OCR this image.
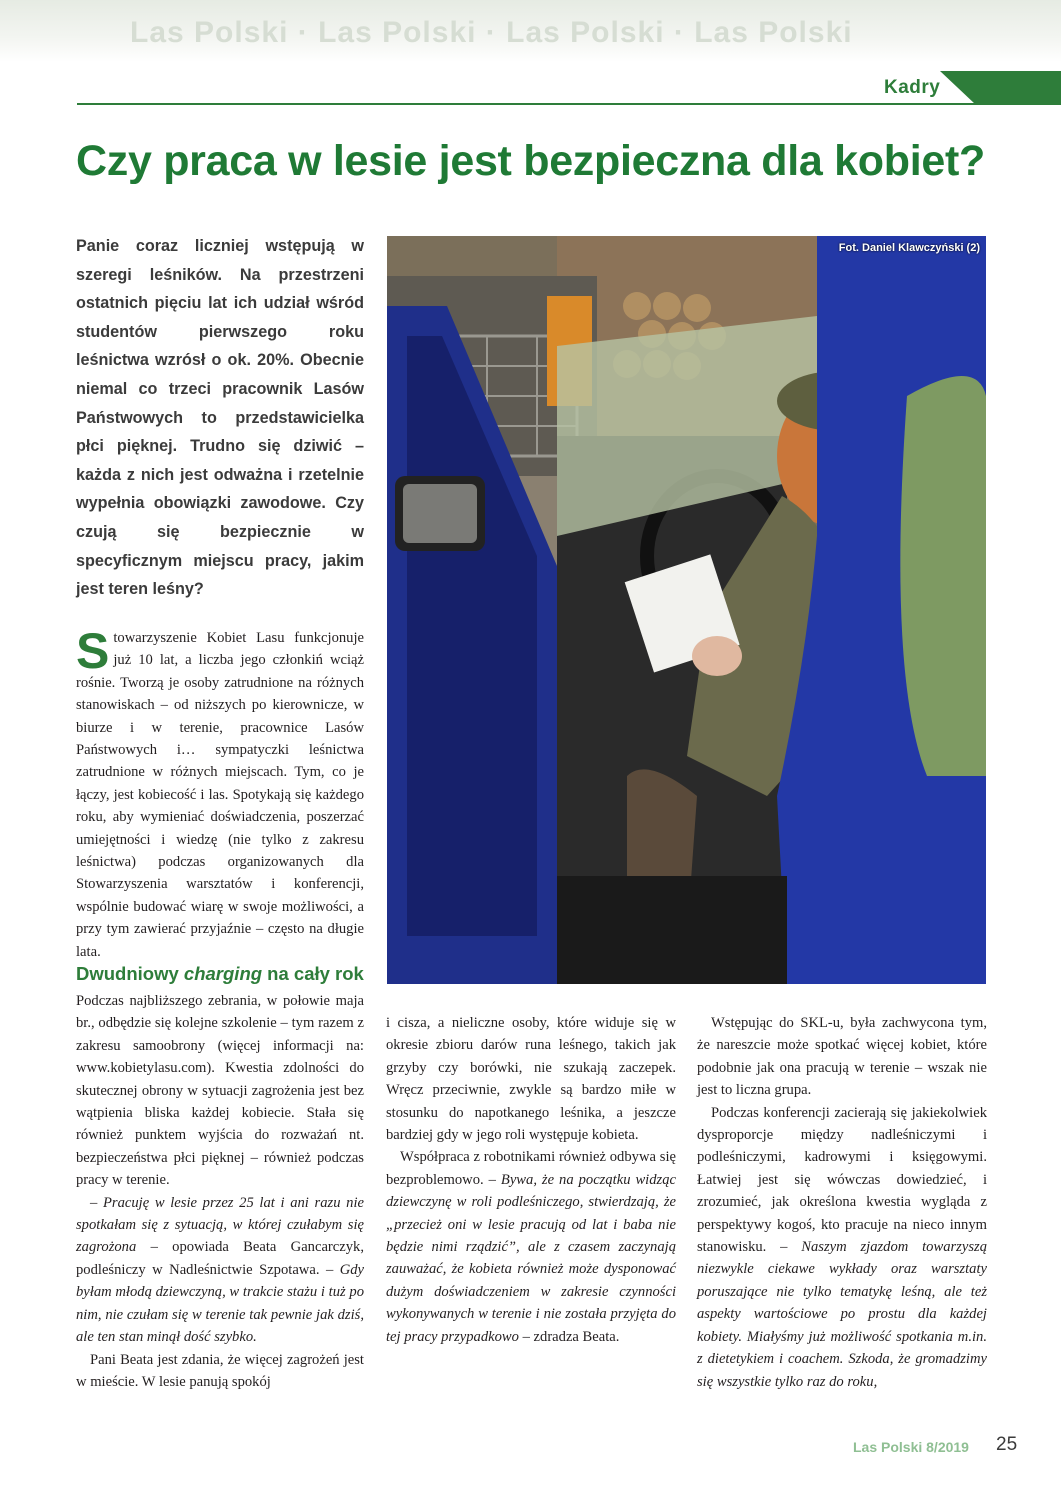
Las Polski · Las Polski · Las Polski · Las Polski
Kadry
Czy praca w lesie jest bezpieczna dla kobiet?

Panie coraz liczniej wstępują w szeregi leśników. Na przestrzeni ostatnich pięciu lat ich udział wśród studentów pierwszego roku leśnictwa wzrósł o ok. 20%. Obecnie niemal co trzeci pracownik Lasów Państwowych to przedstawicielka płci pięknej. Trudno się dziwić – każda z nich jest odważna i rzetelnie wypełnia obowiązki zawodowe. Czy czują się bezpiecznie w specyficznym miejscu pracy, jakim jest teren leśny?

Fot. Daniel Klawczyński (2)
Stowarzyszenie Kobiet Lasu funkcjonuje już 10 lat, a liczba jego członkiń wciąż rośnie. Tworzą je osoby zatrudnione na różnych stanowiskach – od niższych po kierownicze, w biurze i w terenie, pracownice Lasów Państwowych i… sympatyczki leśnictwa zatrudnione w różnych miejscach. Tym, co je łączy, jest kobiecość i las. Spotykają się każdego roku, aby wymieniać doświadczenia, poszerzać umiejętności i wiedzę (nie tylko z zakresu leśnictwa) podczas organizowanych dla Stowarzyszenia warsztatów i konferencji, wspólnie budować wiarę w swoje możliwości, a przy tym zawierać przyjaźnie – często na długie lata.
Dwudniowy charging na cały rok

Podczas najbliższego zebrania, w połowie maja br., odbędzie się kolejne szkolenie – tym razem z zakresu samoobrony (więcej informacji na: www.kobietylasu.com). Kwestia zdolności do skutecznej obrony w sytuacji zagrożenia jest bez wątpienia bliska każdej kobiecie. Stała się również punktem wyjścia do rozważań nt. bezpieczeństwa płci pięknej – również podczas pracy w terenie.

– Pracuję w lesie przez 25 lat i ani razu nie spotkałam się z sytuacją, w której czułabym się zagrożona – opowiada Beata Gancarczyk, podleśniczy w Nadleśnictwie Szpotawa. – Gdy byłam młodą dziewczyną, w trakcie stażu i tuż po nim, nie czułam się w terenie tak pewnie jak dziś, ale ten stan minął dość szybko.

Pani Beata jest zdania, że więcej zagrożeń jest w mieście. W lesie panują spokój

i cisza, a nieliczne osoby, które widuje się w okresie zbioru darów runa leśnego, takich jak grzyby czy borówki, nie szukają zaczepek. Wręcz przeciwnie, zwykle są bardzo miłe w stosunku do napotkanego leśnika, a jeszcze bardziej gdy w jego roli występuje kobieta.

Współpraca z robotnikami również odbywa się bezproblemowo. – Bywa, że na początku widząc dziewczynę w roli podleśniczego, stwierdzają, że „przecież oni w lesie pracują od lat i baba nie będzie nimi rządzić”, ale z czasem zaczynają zauważać, że kobieta również może dysponować dużym doświadczeniem w zakresie czynności wykonywanych w terenie i nie została przyjęta do tej pracy przypadkowo – zdradza Beata.

Wstępując do SKL-u, była zachwycona tym, że nareszcie może spotkać więcej kobiet, które podobnie jak ona pracują w terenie – wszak nie jest to liczna grupa.

Podczas konferencji zacierają się jakiekolwiek dysproporcje między nadleśniczymi i podleśniczymi, kadrowymi i księgowymi. Łatwiej jest się wówczas dowiedzieć, i zrozumieć, jak określona kwestia wygląda z perspektywy kogoś, kto pracuje na nieco innym stanowisku. – Naszym zjazdom towarzyszą niezwykle ciekawe wykłady oraz warsztaty poruszające nie tylko tematykę leśną, ale też aspekty wartościowe po prostu dla każdej kobiety. Miałyśmy już możliwość spotkania m.in. z dietetykiem i coachem. Szkoda, że gromadzimy się wszystkie tylko raz do roku,

Las Polski 8/2019 25
